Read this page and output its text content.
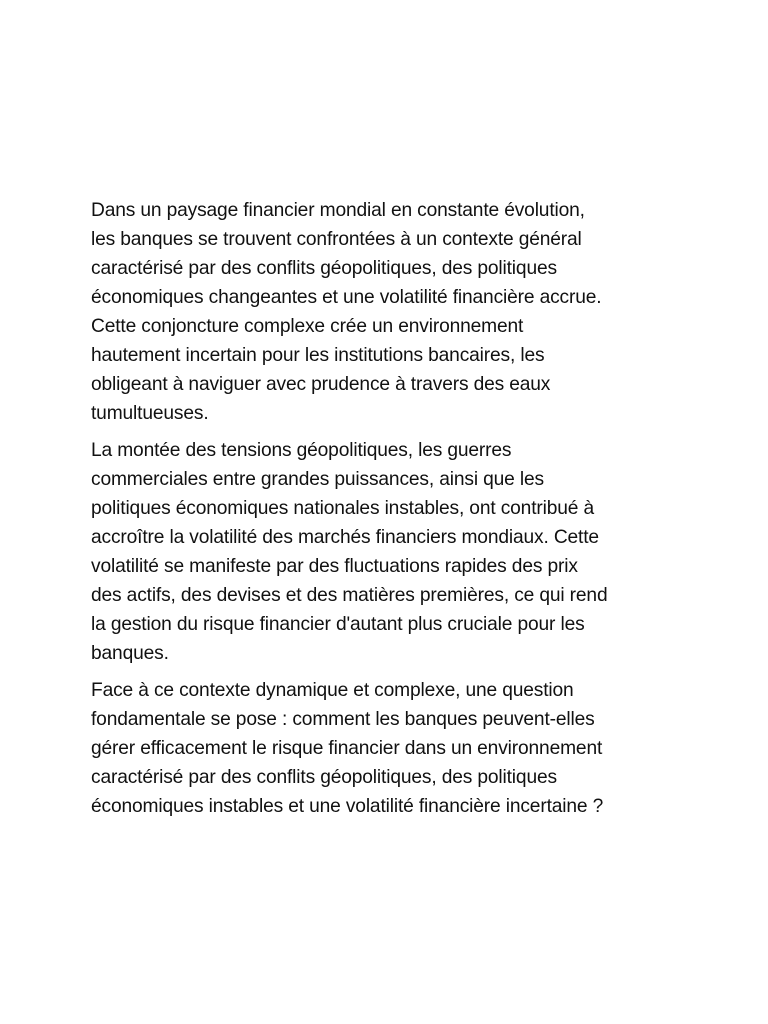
Dans un paysage financier mondial en constante évolution,
les banques se trouvent confrontées à un contexte général
caractérisé par des conflits géopolitiques, des politiques
économiques changeantes et une volatilité financière accrue.
Cette conjoncture complexe crée un environnement
hautement incertain pour les institutions bancaires, les
obligeant à naviguer avec prudence à travers des eaux
tumultueuses.

La montée des tensions géopolitiques, les guerres
commerciales entre grandes puissances, ainsi que les
politiques économiques nationales instables, ont contribué à
accroître la volatilité des marchés financiers mondiaux. Cette
volatilité se manifeste par des fluctuations rapides des prix
des actifs, des devises et des matières premières, ce qui rend
la gestion du risque financier d'autant plus cruciale pour les
banques.

Face à ce contexte dynamique et complexe, une question
fondamentale se pose : comment les banques peuvent-elles
gérer efficacement le risque financier dans un environnement
caractérisé par des conflits géopolitiques, des politiques
économiques instables et une volatilité financière incertaine ?
